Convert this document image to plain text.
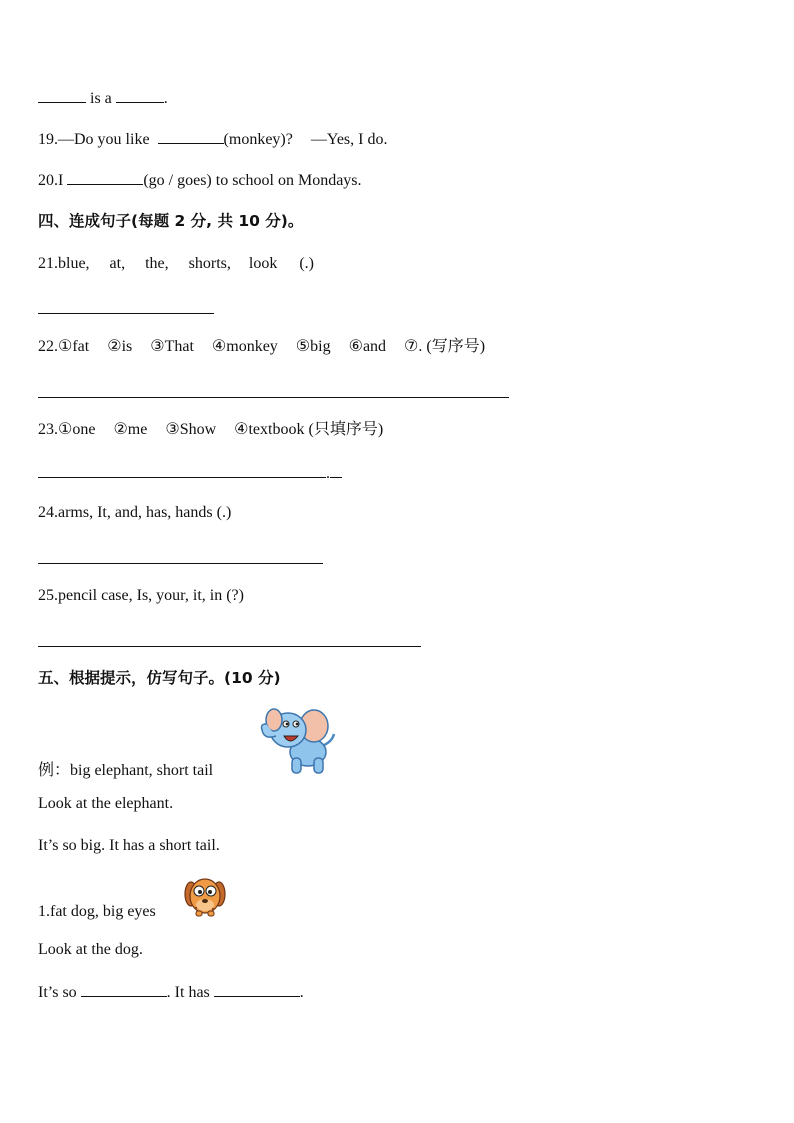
is a	.
19.—Do you like	(monkey)? —Yes, I do.
20.I	(go / goes) to school on Mondays.
四、连成句子(每题 2 分, 共 10 分)。
21.blue, at, the, shorts, look (.)
22.①fat ②is ③That ④monkey ⑤big ⑥and ⑦. (写序号)
23.①one ②me ③Show ④textbook (只填序号)
.
24.arms, It, and, has, hands (.)
25.pencil case, Is, your, it, in (?)
五、根据提示，仿写句子。(10 分)
例：big elephant, short tail
Look at the elephant.
It’s so big. It has a short tail.
1.fat dog, big eyes
Look at the dog.
It’s so	. It has	.
